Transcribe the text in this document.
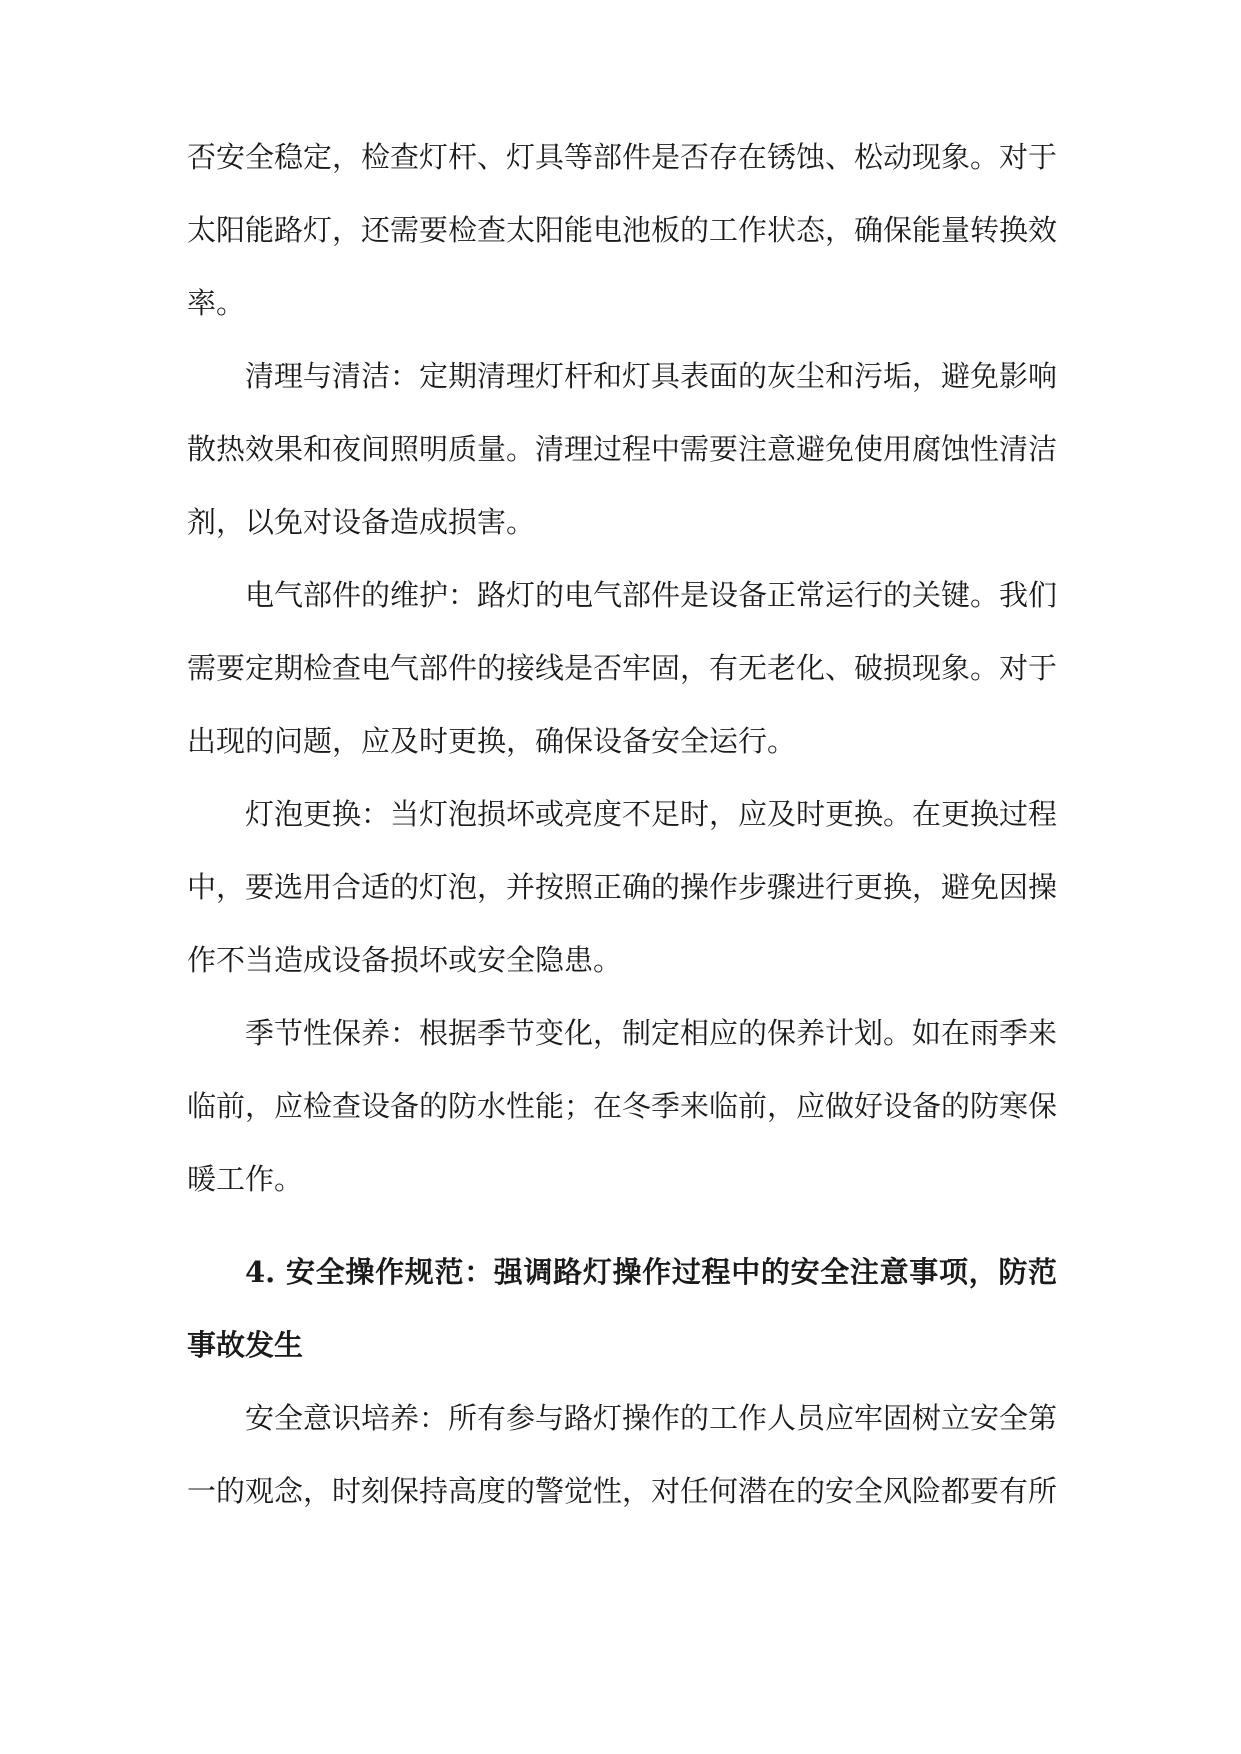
否安全稳定，检查灯杆、灯具等部件是否存在锈蚀、松动现象。对于
太阳能路灯，还需要检查太阳能电池板的工作状态，确保能量转换效
率。
清理与清洁：定期清理灯杆和灯具表面的灰尘和污垢，避免影响
散热效果和夜间照明质量。清理过程中需要注意避免使用腐蚀性清洁
剂，以免对设备造成损害。
电气部件的维护：路灯的电气部件是设备正常运行的关键。我们
需要定期检查电气部件的接线是否牢固，有无老化、破损现象。对于
出现的问题，应及时更换，确保设备安全运行。
灯泡更换：当灯泡损坏或亮度不足时，应及时更换。在更换过程
中，要选用合适的灯泡，并按照正确的操作步骤进行更换，避免因操
作不当造成设备损坏或安全隐患。
季节性保养：根据季节变化，制定相应的保养计划。如在雨季来
临前，应检查设备的防水性能；在冬季来临前，应做好设备的防寒保
暖工作。
4. 安全操作规范：强调路灯操作过程中的安全注意事项，防范
事故发生
安全意识培养：所有参与路灯操作的工作人员应牢固树立安全第
一的观念，时刻保持高度的警觉性，对任何潜在的安全风险都要有所
